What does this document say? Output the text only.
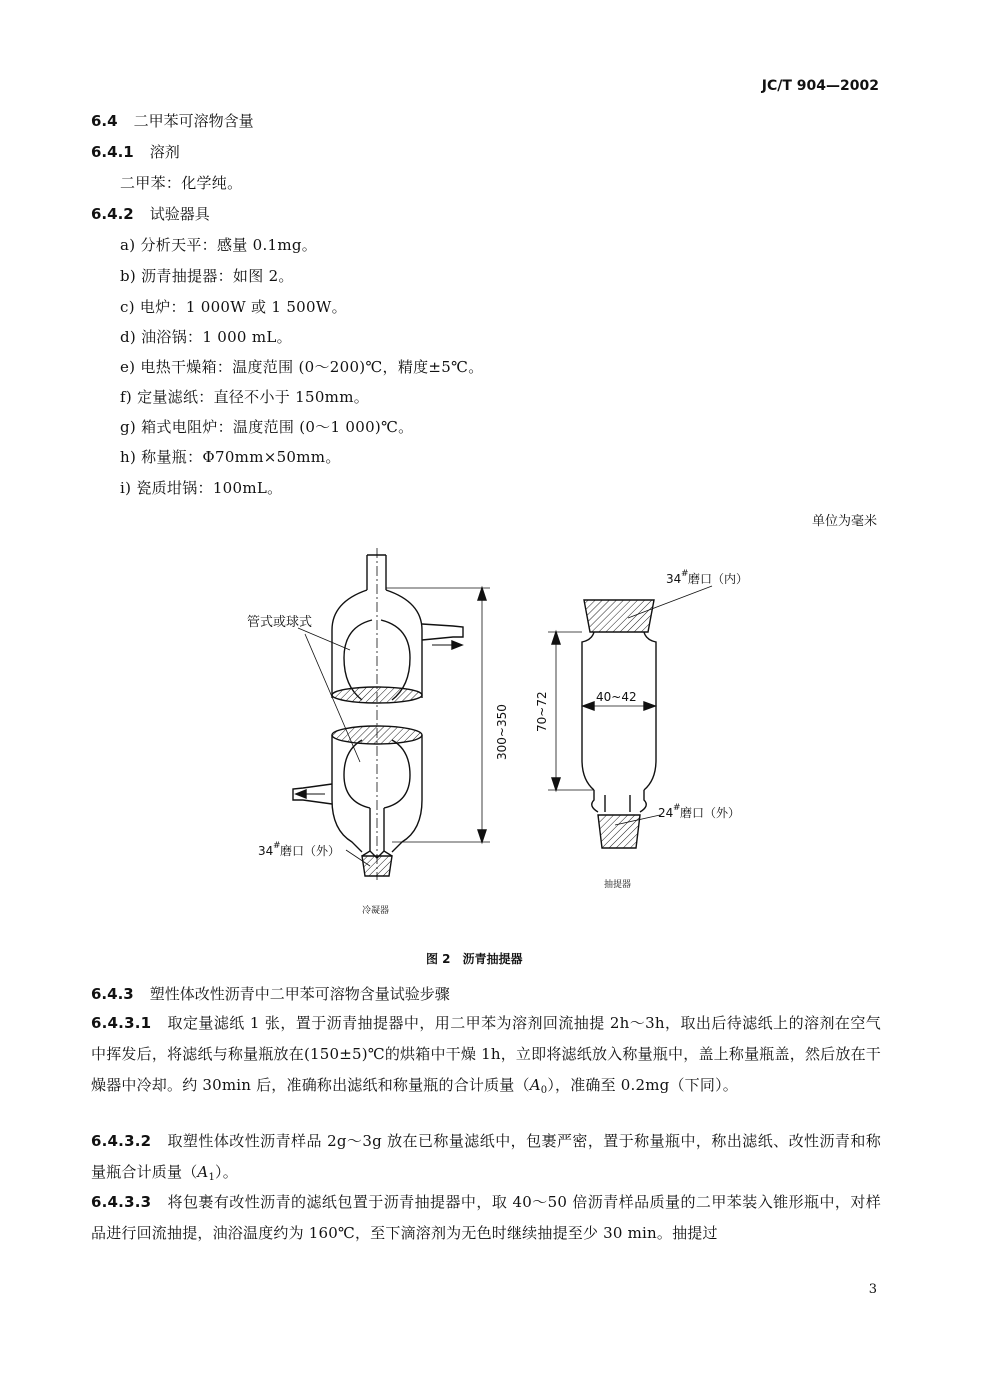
JC/T 904—2002
6.4 二甲苯可溶物含量
6.4.1 溶剂
二甲苯：化学纯。
6.4.2 试验器具
a) 分析天平：感量 0.1mg。
b) 沥青抽提器：如图 2。
c) 电炉：1 000W 或 1 500W。
d) 油浴锅：1 000 mL。
e) 电热干燥箱：温度范围 (0～200)℃，精度±5℃。
f) 定量滤纸：直径不小于 150mm。
g) 箱式电阻炉：温度范围 (0～1 000)℃。
h) 称量瓶：Φ70mm×50mm。
i) 瓷质坩锅：100mL。
单位为毫米
管式或球式
300~350
34 # 磨口（外）
冷凝器
34 # 磨口（内）
70~72	40~42
24 # 磨口（外）
抽提器
图 2　沥青抽提器
6.4.3 塑性体改性沥青中二甲苯可溶物含量试验步骤
6.4.3.1 取定量滤纸 1 张，置于沥青抽提器中，用二甲苯为溶剂回流抽提 2h～3h，取出后待滤纸上的溶剂在空气中挥发后，将滤纸与称量瓶放在(150±5)℃的烘箱中干燥 1h，立即将滤纸放入称量瓶中，盖上称量瓶盖，然后放在干燥器中冷却。约 30min 后，准确称出滤纸和称量瓶的合计质量$(A_0)$，准确至 0.2mg（下同）。
6.4.3.2 取塑性体改性沥青样品 2g～3g 放在已称量滤纸中，包裹严密，置于称量瓶中，称出滤纸、改性沥青和称量瓶合计质量$(A_1)$。
6.4.3.3 将包裹有改性沥青的滤纸包置于沥青抽提器中，取 40～50 倍沥青样品质量的二甲苯装入锥形瓶中，对样品进行回流抽提，油浴温度约为 160℃，至下滴溶剂为无色时继续抽提至少 30 min。抽提过
3
